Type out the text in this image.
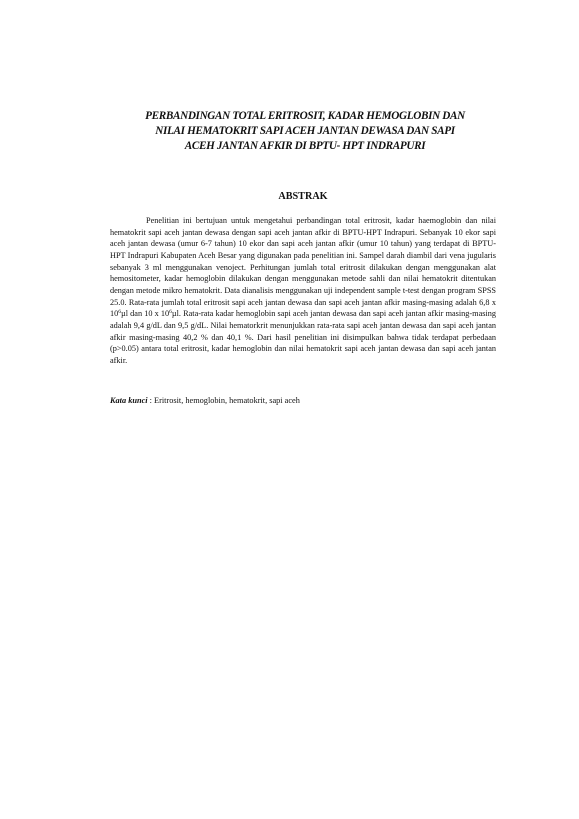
PERBANDINGAN TOTAL ERITROSIT, KADAR HEMOGLOBIN DAN
NILAI HEMATOKRIT SAPI ACEH JANTAN DEWASA DAN SAPI
ACEH JANTAN AFKIR DI BPTU- HPT INDRAPURI
ABSTRAK

Penelitian ini bertujuan untuk mengetahui perbandingan total eritrosit, kadar haemoglobin dan nilai hematokrit sapi aceh jantan dewasa dengan sapi aceh jantan afkir di BPTU-HPT Indrapuri. Sebanyak 10 ekor sapi aceh jantan dewasa (umur 6-7 tahun) 10 ekor dan sapi aceh jantan afkir (umur 10 tahun) yang terdapat di BPTU-HPT Indrapuri Kabupaten Aceh Besar yang digunakan pada penelitian ini. Sampel darah diambil dari vena jugularis sebanyak 3 ml menggunakan venoject. Perhitungan jumlah total eritrosit dilakukan dengan menggunakan alat hemositometer, kadar hemoglobin dilakukan dengan menggunakan metode sahli dan nilai hematokrit ditentukan dengan metode mikro hematokrit. Data dianalisis menggunakan uji independent sample t-test dengan program SPSS 25.0. Rata-rata jumlah total eritrosit sapi aceh jantan dewasa dan sapi aceh jantan afkir masing-masing adalah 6,8 x $10^6\mu l$ dan 10 x $10^6\mu l$. Rata-rata kadar hemoglobin sapi aceh jantan dewasa dan sapi aceh jantan afkir masing-masing adalah 9,4 g/dL dan 9,5 g/dL. Nilai hematorkrit menunjukkan rata-rata sapi aceh jantan dewasa dan sapi aceh jantan afkir masing-masing 40,2 % dan 40,1 %. Dari hasil penelitian ini disimpulkan bahwa tidak terdapat perbedaan (p>0.05) antara total eritrosit, kadar hemoglobin dan nilai hematokrit sapi aceh jantan dewasa dan sapi aceh jantan afkir.

Kata kunci : Eritrosit, hemoglobin, hematokrit, sapi aceh
